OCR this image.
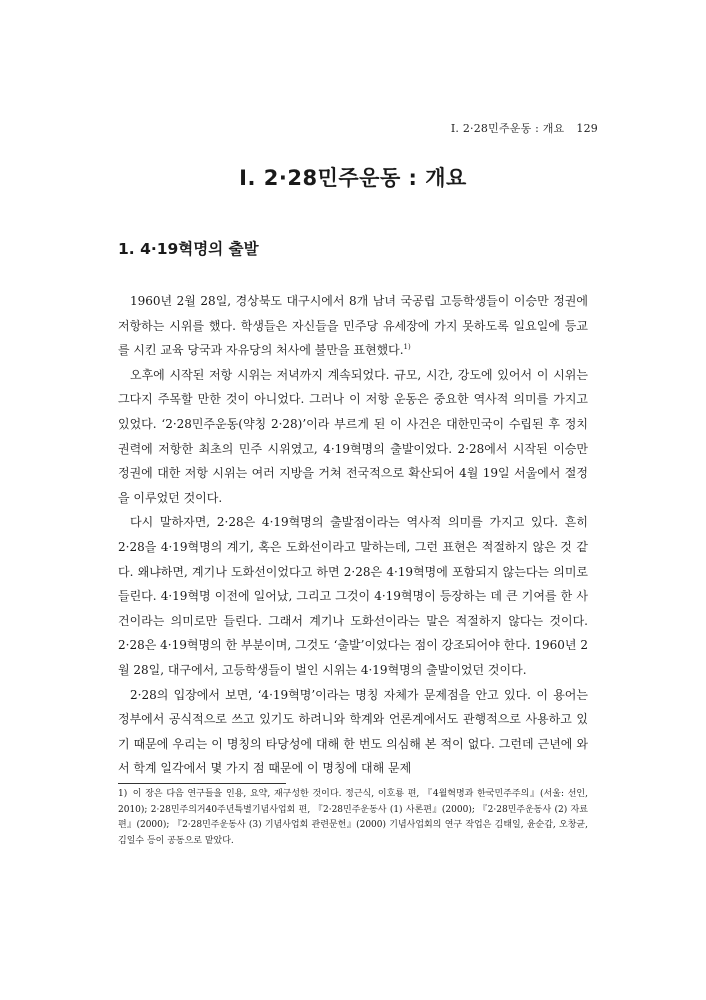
Ⅰ. 2·28민주운동 : 개요 129
Ⅰ. 2·28민주운동 : 개요
1. 4·19혁명의 출발

1960년 2월 28일, 경상북도 대구시에서 8개 남녀 국공립 고등학생들이 이승만 정권에 저항하는 시위를 했다. 학생들은 자신들을 민주당 유세장에 가지 못하도록 일요일에 등교를 시킨 교육 당국과 자유당의 처사에 불만을 표현했다.$^{1)}$

오후에 시작된 저항 시위는 저녁까지 계속되었다. 규모, 시간, 강도에 있어서 이 시위는 그다지 주목할 만한 것이 아니었다. 그러나 이 저항 운동은 중요한 역사적 의미를 가지고 있었다. ‘2·28민주운동(약칭 2·28)’이라 부르게 된 이 사건은 대한민국이 수립된 후 정치권력에 저항한 최초의 민주 시위였고, 4·19혁명의 출발이었다. 2·28에서 시작된 이승만 정권에 대한 저항 시위는 여러 지방을 거쳐 전국적으로 확산되어 4월 19일 서울에서 절정을 이루었던 것이다.

다시 말하자면, 2·28은 4·19혁명의 출발점이라는 역사적 의미를 가지고 있다. 흔히 2·28을 4·19혁명의 계기, 혹은 도화선이라고 말하는데, 그런 표현은 적절하지 않은 것 같다. 왜냐하면, 계기나 도화선이었다고 하면 2·28은 4·19혁명에 포함되지 않는다는 의미로 들린다. 4·19혁명 이전에 일어났, 그리고 그것이 4·19혁명이 등장하는 데 큰 기여를 한 사건이라는 의미로만 들린다. 그래서 계기나 도화선이라는 말은 적절하지 않다는 것이다. 2·28은 4·19혁명의 한 부분이며, 그것도 ‘출발’이었다는 점이 강조되어야 한다. 1960년 2월 28일, 대구에서, 고등학생들이 벌인 시위는 4·19혁명의 출발이었던 것이다.

2·28의 입장에서 보면, ‘4·19혁명’이라는 명칭 자체가 문제점을 안고 있다. 이 용어는 정부에서 공식적으로 쓰고 있기도 하려니와 학계와 언론계에서도 관행적으로 사용하고 있기 때문에 우리는 이 명칭의 타당성에 대해 한 번도 의심해 본 적이 없다. 그런데 근년에 와서 학계 일각에서 몇 가지 점 때문에 이 명칭에 대해 문제

1) 이 장은 다음 연구들을 인용, 요약, 재구성한 것이다. 정근식, 이호룡 편, 『4월혁명과 한국민주주의』(서울: 선인, 2010); 2·28민주의거40주년특별기념사업회 편, 『2·28민주운동사 (1) 사론편』(2000); 『2·28민주운동사 (2) 자료편』(2000); 『2·28민주운동사 (3) 기념사업회 관련문헌』(2000) 기념사업회의 연구 작업은 김태일, 윤순갑, 오창균, 김일수 등이 공동으로 맡았다.
